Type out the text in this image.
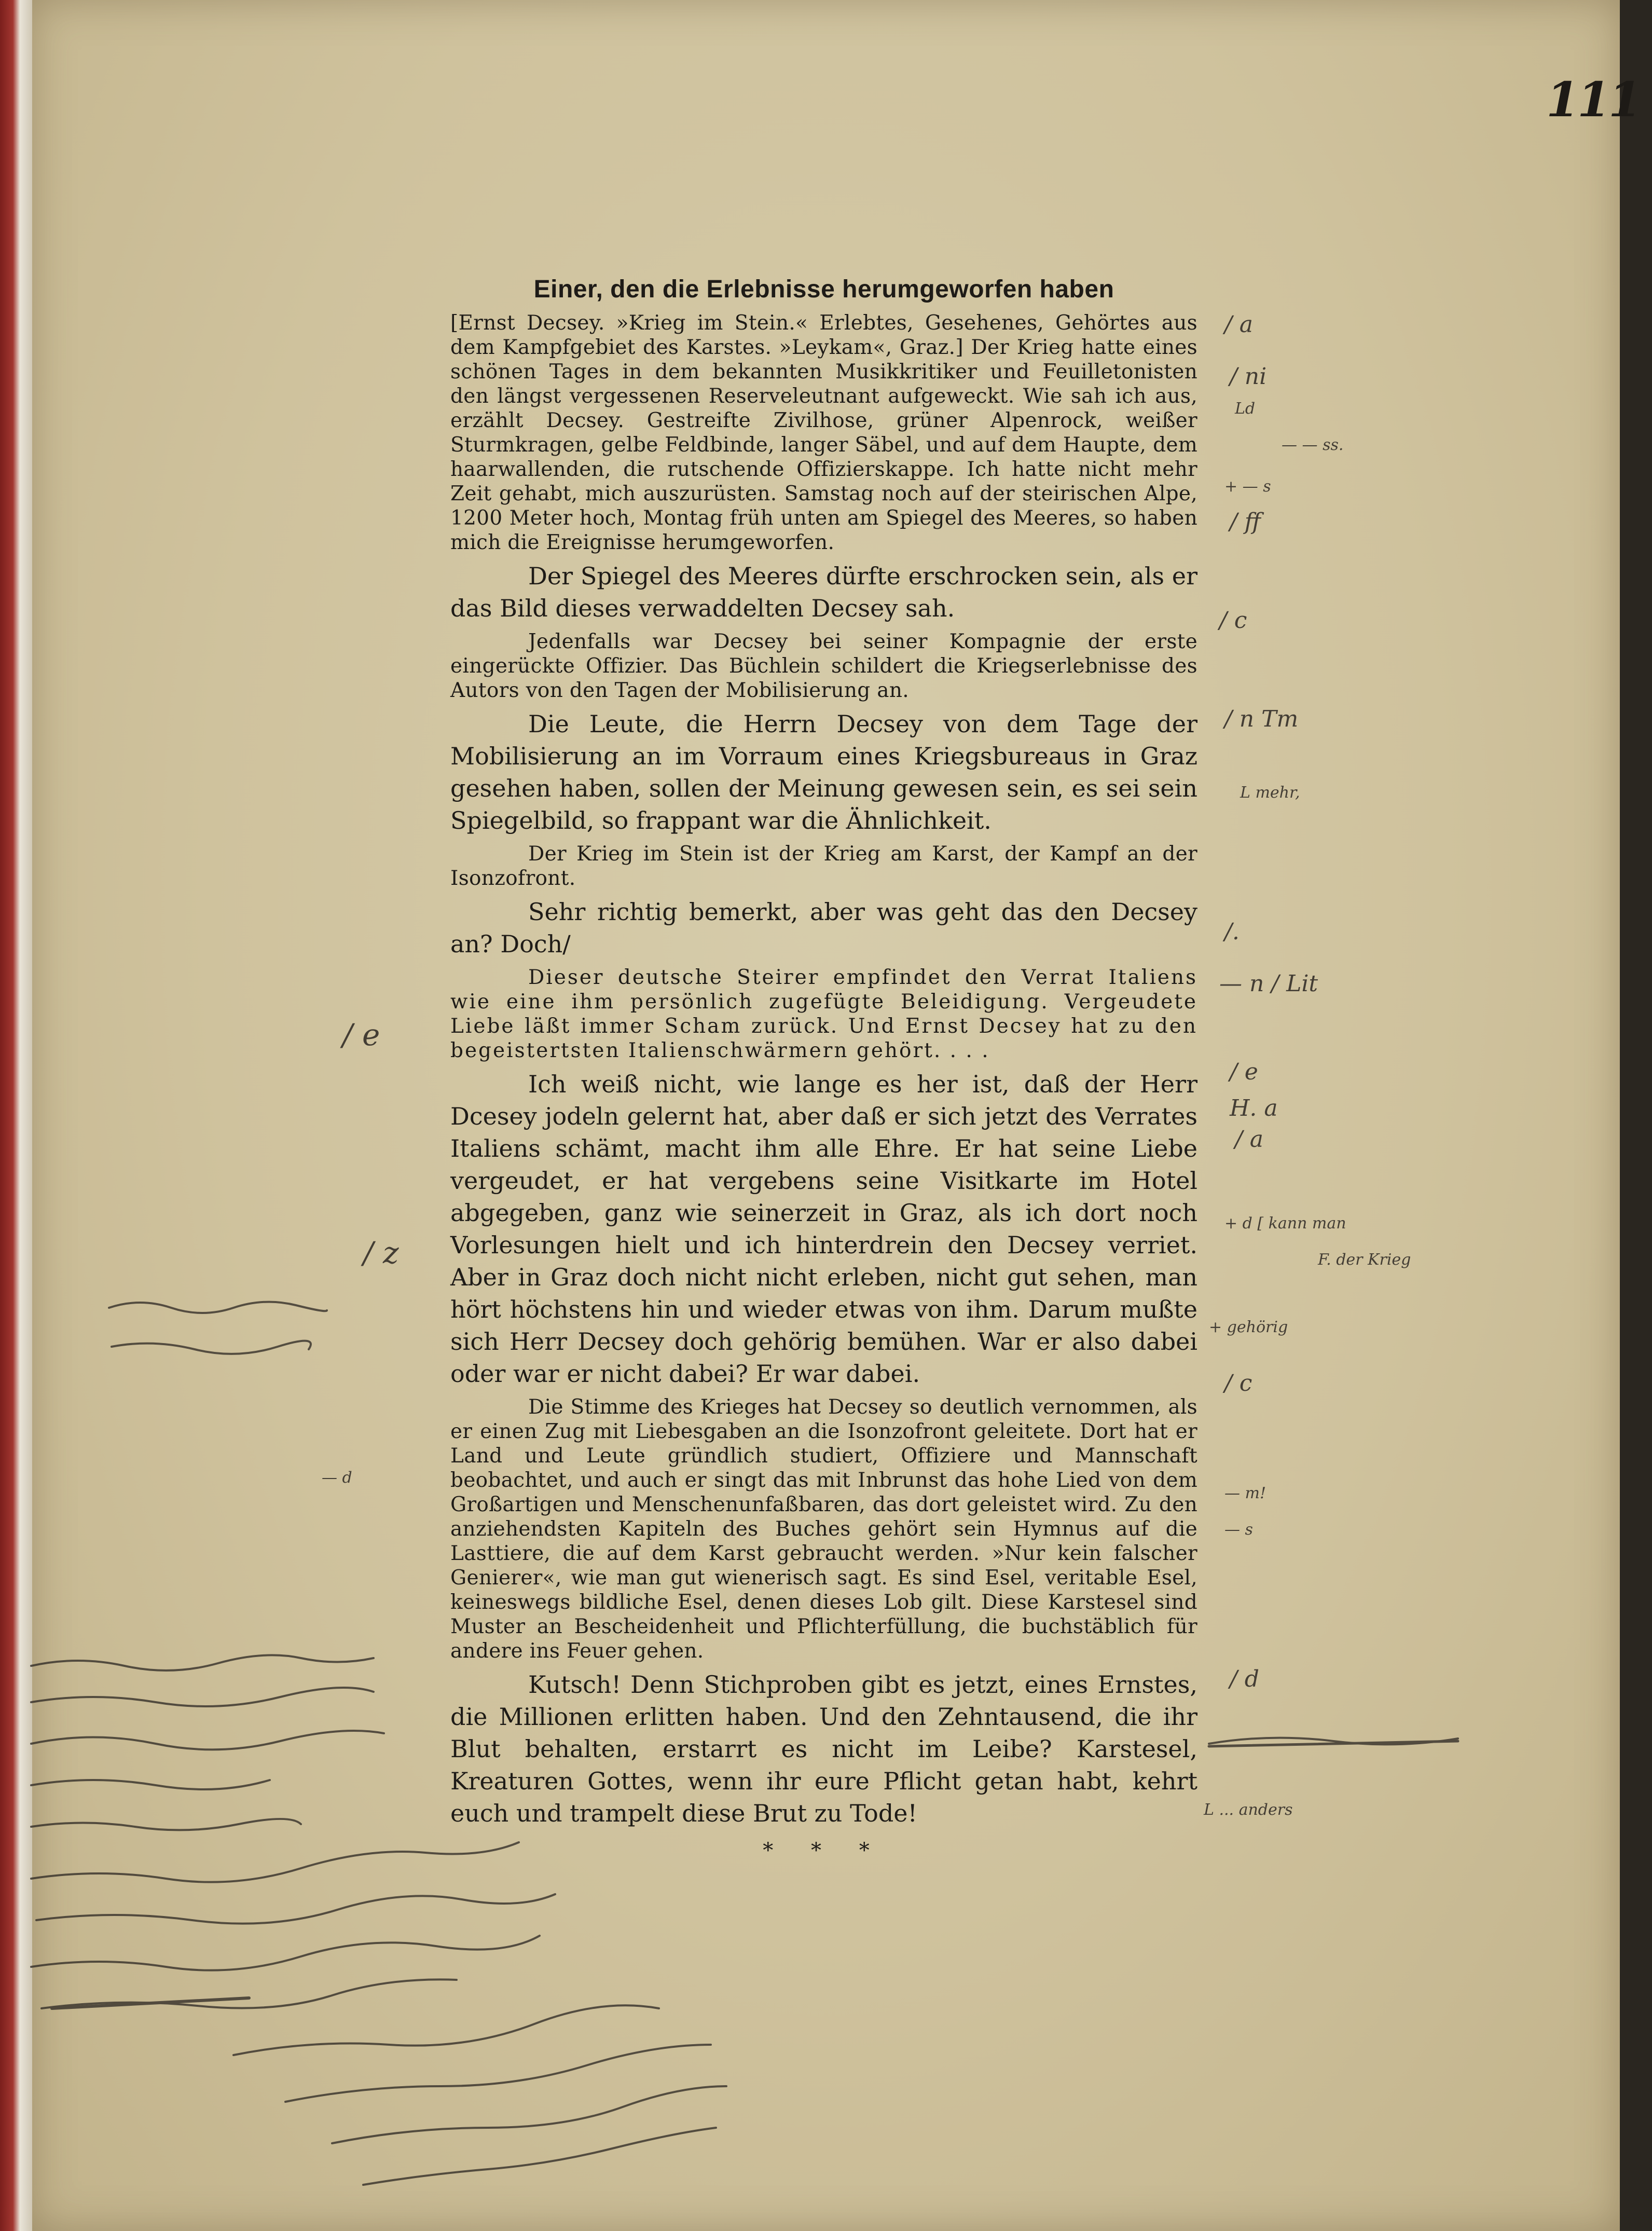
111
Einer, den die Erlebnisse herumgeworfen haben

[Ernst Decsey. »Krieg im Stein.« Erlebtes, Gesehenes, Gehörtes aus dem Kampfgebiet des Karstes. »Leykam«, Graz.] Der Krieg hatte eines schönen Tages in dem bekannten Musikkritiker und Feuilletonisten den längst vergessenen Reserveleutnant aufgeweckt. Wie sah ich aus, erzählt Decsey. Gestreifte Zivilhose, grüner Alpenrock, weißer Sturmkragen, gelbe Feldbinde, langer Säbel, und auf dem Haupte, dem haarwallenden, die rutschende Offizierskappe. Ich hatte nicht mehr Zeit gehabt, mich auszurüsten. Samstag noch auf der steirischen Alpe, 1200 Meter hoch, Montag früh unten am Spiegel des Meeres, so haben mich die Ereignisse herumgeworfen.

Der Spiegel des Meeres dürfte erschrocken sein, als er das Bild dieses verwaddelten Decsey sah.

Jedenfalls war Decsey bei seiner Kompagnie der erste eingerückte Offizier. Das Büchlein schildert die Kriegserlebnisse des Autors von den Tagen der Mobilisierung an.

Die Leute, die Herrn Decsey von dem Tage der Mobilisierung an im Vorraum eines Kriegsbureaus in Graz gesehen haben, sollen der Meinung gewesen sein, es sei sein Spiegelbild, so frappant war die Ähnlichkeit.

Der Krieg im Stein ist der Krieg am Karst, der Kampf an der Isonzofront.

Sehr richtig bemerkt, aber was geht das den Decsey an? Doch/

Dieser deutsche Steirer empfindet den Verrat Italiens wie eine ihm persönlich zugefügte Beleidigung. Vergeudete Liebe läßt immer Scham zurück. Und Ernst Decsey hat zu den begeistertsten Italienschwärmern gehört. . . .

Ich weiß nicht, wie lange es her ist, daß der Herr Dcesey jodeln gelernt hat, aber daß er sich jetzt des Verrates Italiens schämt, macht ihm alle Ehre. Er hat seine Liebe vergeudet, er hat vergebens seine Visitkarte im Hotel abgegeben, ganz wie seinerzeit in Graz, als ich dort noch Vorlesungen hielt und ich hinterdrein den Decsey verriet. Aber in Graz doch nicht nicht erleben, nicht gut sehen, man hört höchstens hin und wieder etwas von ihm. Darum mußte sich Herr Decsey doch gehörig bemühen. War er also dabei oder war er nicht dabei? Er war dabei.

Die Stimme des Krieges hat Decsey so deutlich vernommen, als er einen Zug mit Liebesgaben an die Isonzofront geleitete. Dort hat er Land und Leute gründlich studiert, Offiziere und Mannschaft beobachtet, und auch er singt das mit Inbrunst das hohe Lied von dem Großartigen und Menschenunfaßbaren, das dort geleistet wird. Zu den anziehendsten Kapiteln des Buches gehört sein Hymnus auf die Lasttiere, die auf dem Karst gebraucht werden. »Nur kein falscher Genierer«, wie man gut wienerisch sagt. Es sind Esel, veritable Esel, keineswegs bildliche Esel, denen dieses Lob gilt. Diese Karstesel sind Muster an Bescheidenheit und Pflichterfüllung, die buchstäblich für andere ins Feuer gehen.

Kutsch! Denn Stichproben gibt es jetzt, eines Ernstes, die Millionen erlitten haben. Und den Zehntausend, die ihr Blut behalten, erstarrt es nicht im Leibe? Karstesel, Kreaturen Gottes, wenn ihr eure Pflicht getan habt, kehrt euch und trampelt diese Brut zu Tode!

* * *
/ a
/ ni
Ld
— — ss.
+ — s
/ ff
/ c
/ n Tm
L mehr,
/.
— n / Lit
/ e
/ e
H. a
/ a
+ d [ kann man
F. der Krieg
/ z
+ gehörig
/ c
— m!
— s
/ d
L ... anders
— d
